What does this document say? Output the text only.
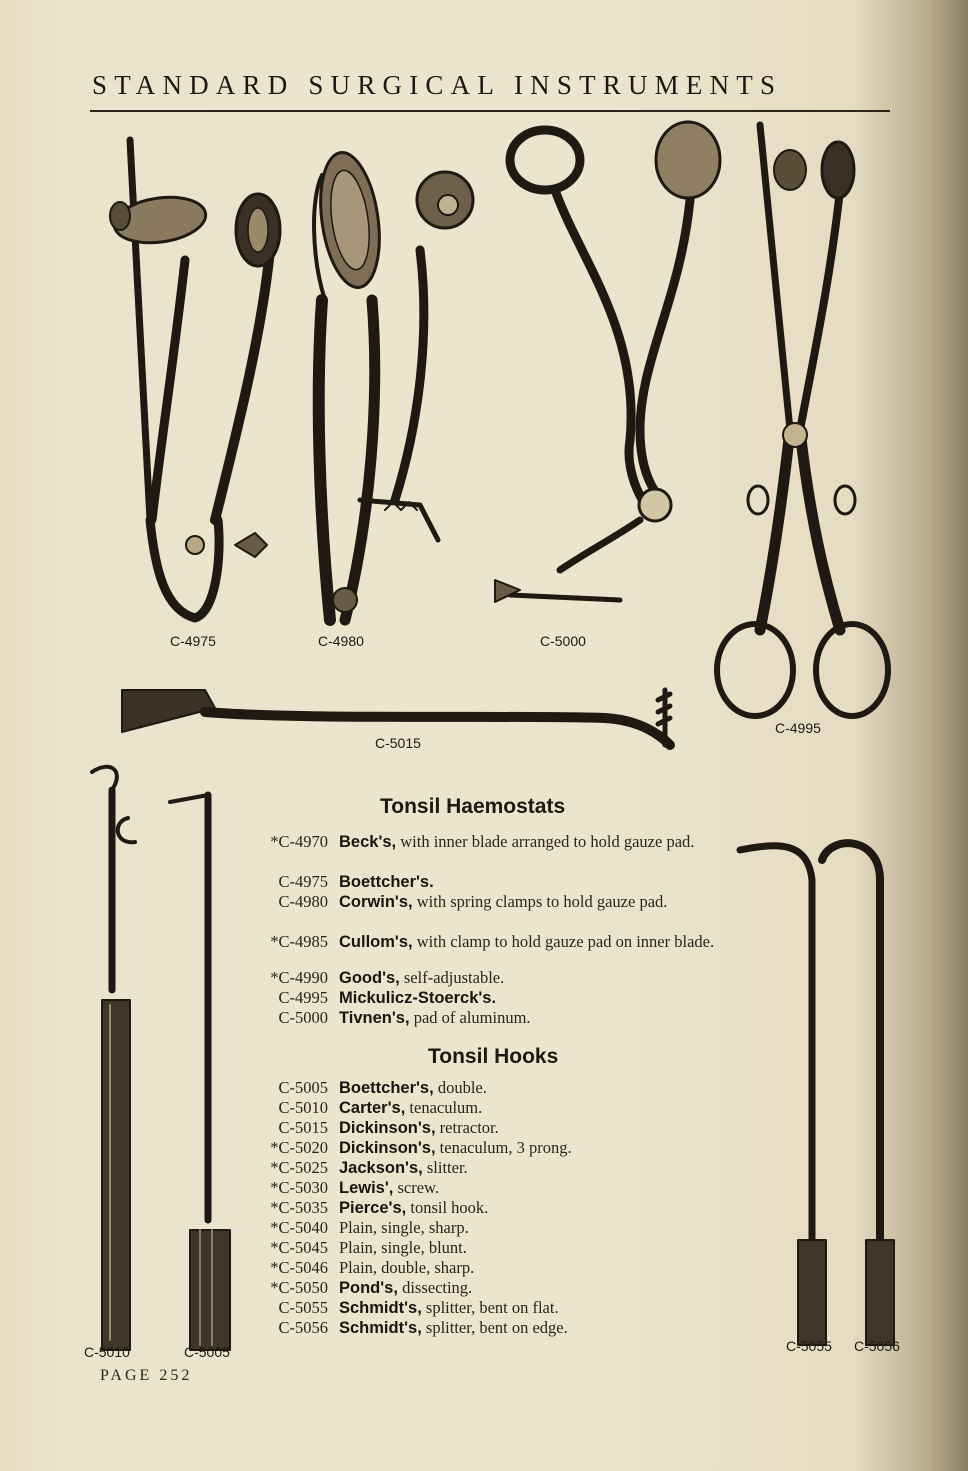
STANDARD SURGICAL INSTRUMENTS
C-4975	C-4980	C-5000
C-4995
C-5015
C-5010	C-5005	C-5055 C-5056
Tonsil Haemostats
Tonsil Hooks
*C-4970 Beck's, with inner blade arranged to hold gauze pad.
C-4975 Boettcher's.
C-4980 Corwin's, with spring clamps to hold gauze pad.
*C-4985 Cullom's, with clamp to hold gauze pad on inner blade.
*C-4990 Good's, self-adjustable.
C-4995 Mickulicz-Stoerck's.
C-5000 Tivnen's, pad of aluminum.
C-5005 Boettcher's, double.
C-5010 Carter's, tenaculum.
C-5015 Dickinson's, retractor.
*C-5020 Dickinson's, tenaculum, 3 prong.
*C-5025 Jackson's, slitter.
*C-5030 Lewis', screw.
*C-5035 Pierce's, tonsil hook.
*C-5040 Plain, single, sharp.
*C-5045 Plain, single, blunt.
*C-5046 Plain, double, sharp.
*C-5050 Pond's, dissecting.
C-5055 Schmidt's, splitter, bent on flat.
C-5056 Schmidt's, splitter, bent on edge.
PAGE 252
